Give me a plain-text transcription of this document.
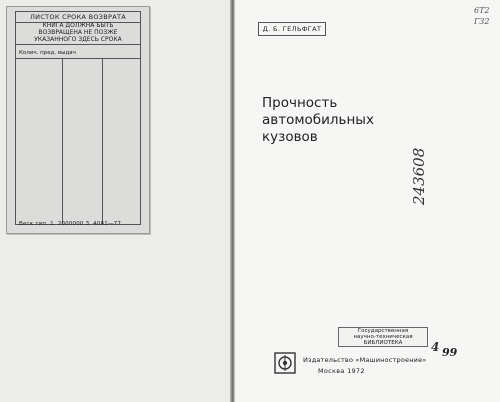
ЛИСТОК СРОКА ВОЗВРАТА
КНИГА ДОЛЖНА БЫТЬ
ВОЗВРАЩЕНА НЕ ПОЗЖЕ
УКАЗАННОГО ЗДЕСЬ СРОКА
Колич. пред. выдач
Веск тип. 1. 2000000 З. 4061—77
6Т2
Г32
Д. Б. ГЕЛЬФГАТ
Прочность
автомобильных
кузовов
243608
Государственная
научно-техническая
БИБЛИОТЕКА	4 99
Издательство «Машиностроение»
Москва 1972
